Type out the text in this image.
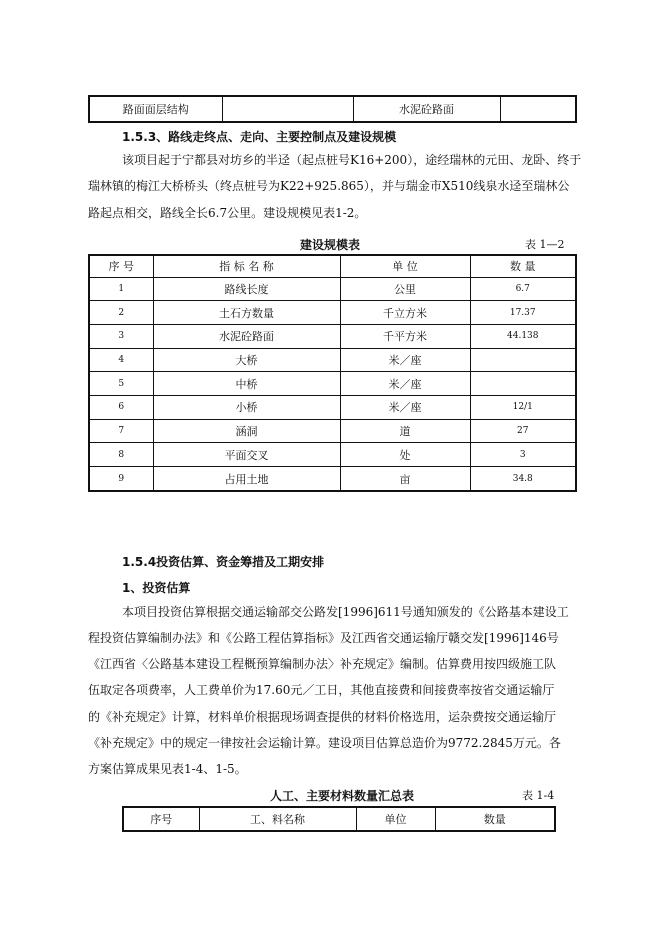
路面面层结构		水泥砼路面	
1.5.3、路线走终点、走向、主要控制点及建设规模
该项目起于宁都县对坊乡的半迳（起点桩号K16+200），途经瑞林的元田、龙卧、终于
瑞林镇的梅江大桥桥头（终点桩号为K22+925.865），并与瑞金市X510线泉水迳至瑞林公
路起点相交，路线全长6.7公里。建设规模见表1-2。
建设规模表	表 1—2
序 号	指 标 名 称	单 位	数 量
1	路线长度	公里	6.7
2	土石方数量	千立方米	17.37
3	水泥砼路面	千平方米	44.138
4	大桥	米／座	
5	中桥	米／座	
6	小桥	米／座	12/1
7	涵洞	道	27
8	平面交叉	处	3
9	占用土地	亩	34.8
1.5.4投资估算、资金筹措及工期安排
1、投资估算
本项目投资估算根据交通运输部交公路发[1996]611号通知颁发的《公路基本建设工
程投资估算编制办法》和《公路工程估算指标》及江西省交通运输厅赣交发[1996]146号
《江西省〈公路基本建设工程概预算编制办法〉补充规定》编制。估算费用按四级施工队
伍取定各项费率，人工费单价为17.60元／工日，其他直接费和间接费率按省交通运输厅
的《补充规定》计算，材料单价根据现场调查提供的材料价格选用，运杂费按交通运输厅
《补充规定》中的规定一律按社会运输计算。建设项目估算总造价为9772.2845万元。各
方案估算成果见表1-4、1-5。
人工、主要材料数量汇总表	表 1-4
序号	工、料名称	单位	数量
